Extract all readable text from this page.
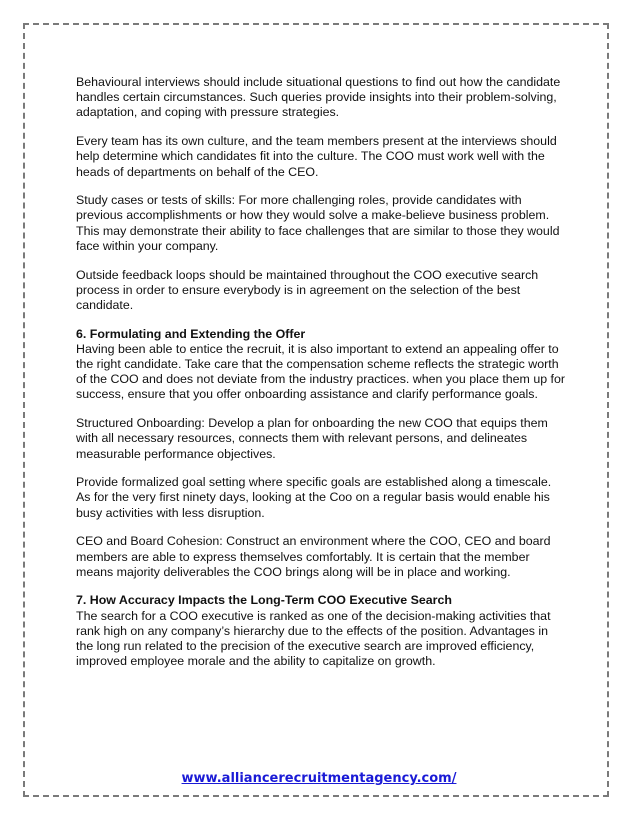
Behavioural interviews should include situational questions to find out how the candidate handles certain circumstances. Such queries provide insights into their problem-solving, adaptation, and coping with pressure strategies.

Every team has its own culture, and the team members present at the interviews should help determine which candidates fit into the culture. The COO must work well with the heads of departments on behalf of the CEO.

Study cases or tests of skills: For more challenging roles, provide candidates with previous accomplishments or how they would solve a make-believe business problem. This may demonstrate their ability to face challenges that are similar to those they would face within your company.

Outside feedback loops should be maintained throughout the COO executive search process in order to ensure everybody is in agreement on the selection of the best candidate.

6. Formulating and Extending the Offer

Having been able to entice the recruit, it is also important to extend an appealing offer to the right candidate. Take care that the compensation scheme reflects the strategic worth of the COO and does not deviate from the industry practices. when you place them up for success, ensure that you offer onboarding assistance and clarify performance goals.

Structured Onboarding: Develop a plan for onboarding the new COO that equips them with all necessary resources, connects them with relevant persons, and delineates measurable performance objectives.

Provide formalized goal setting where specific goals are established along a timescale. As for the very first ninety days, looking at the Coo on a regular basis would enable his busy activities with less disruption.

CEO and Board Cohesion: Construct an environment where the COO, CEO and board members are able to express themselves comfortably. It is certain that the member means majority deliverables the COO brings along will be in place and working.

7. How Accuracy Impacts the Long-Term COO Executive Search

The search for a COO executive is ranked as one of the decision-making activities that rank high on any company’s hierarchy due to the effects of the position. Advantages in the long run related to the precision of the executive search are improved efficiency, improved employee morale and the ability to capitalize on growth.

www.alliancerecruitmentagency.com/
